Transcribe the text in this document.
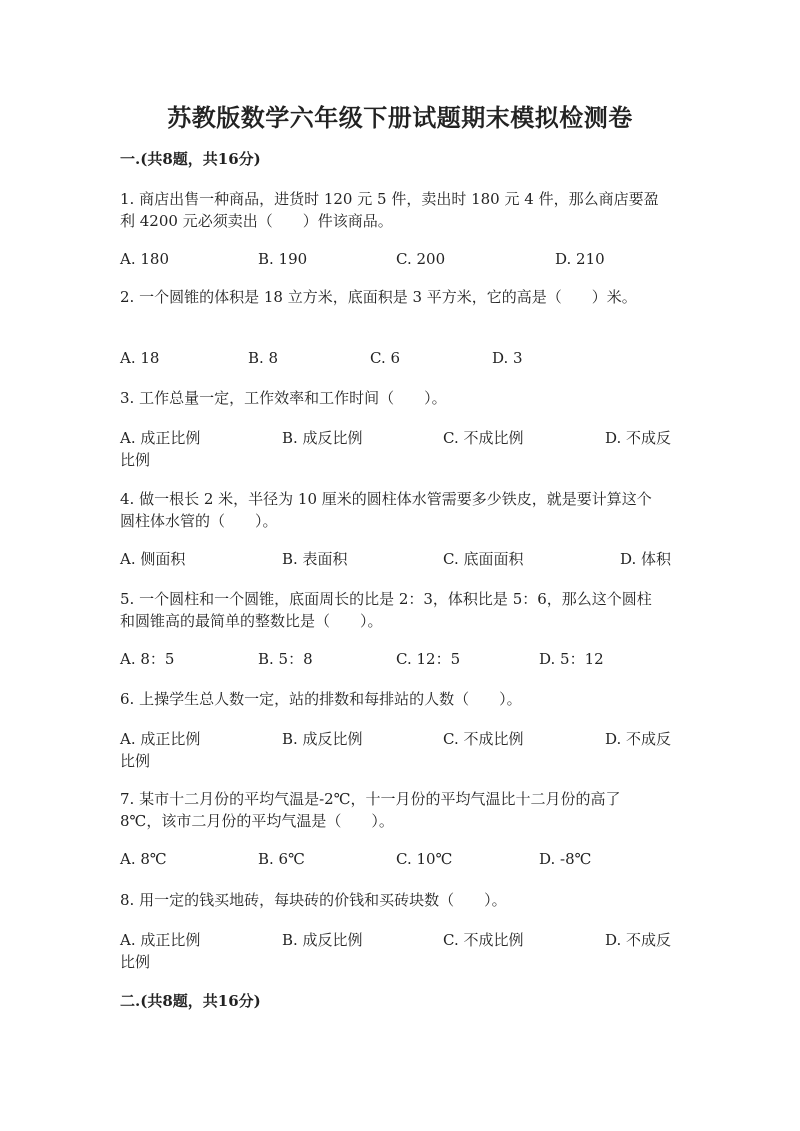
苏教版数学六年级下册试题期末模拟检测卷
一.(共8题，共16分)
1. 商店出售一种商品，进货时 120 元 5 件，卖出时 180 元 4 件，那么商店要盈
利 4200 元必须卖出（　　）件该商品。
A. 180	B. 190	C. 200	D. 210
2. 一个圆锥的体积是 18 立方米，底面积是 3 平方米，它的高是（　　）米。
A. 18	B. 8	C. 6	D. 3
3. 工作总量一定，工作效率和工作时间（　　）。
A. 成正比例	B. 成反比例	C. 不成比例	D. 不成反
比例
4. 做一根长 2 米，半径为 10 厘米的圆柱体水管需要多少铁皮，就是要计算这个
圆柱体水管的（　　）。
A. 侧面积	B. 表面积	C. 底面面积	D. 体积
5. 一个圆柱和一个圆锥，底面周长的比是 2：3，体积比是 5：6，那么这个圆柱
和圆锥高的最简单的整数比是（　　）。
A. 8：5	B. 5：8	C. 12：5	D. 5：12
6. 上操学生总人数一定，站的排数和每排站的人数（　　）。
A. 成正比例	B. 成反比例	C. 不成比例	D. 不成反
比例
7. 某市十二月份的平均气温是-2℃，十一月份的平均气温比十二月份的高了
8℃，该市二月份的平均气温是（　　）。
A. 8℃	B. 6℃	C. 10℃	D. -8℃
8. 用一定的钱买地砖，每块砖的价钱和买砖块数（　　）。
A. 成正比例	B. 成反比例	C. 不成比例	D. 不成反
比例
二.(共8题，共16分)
